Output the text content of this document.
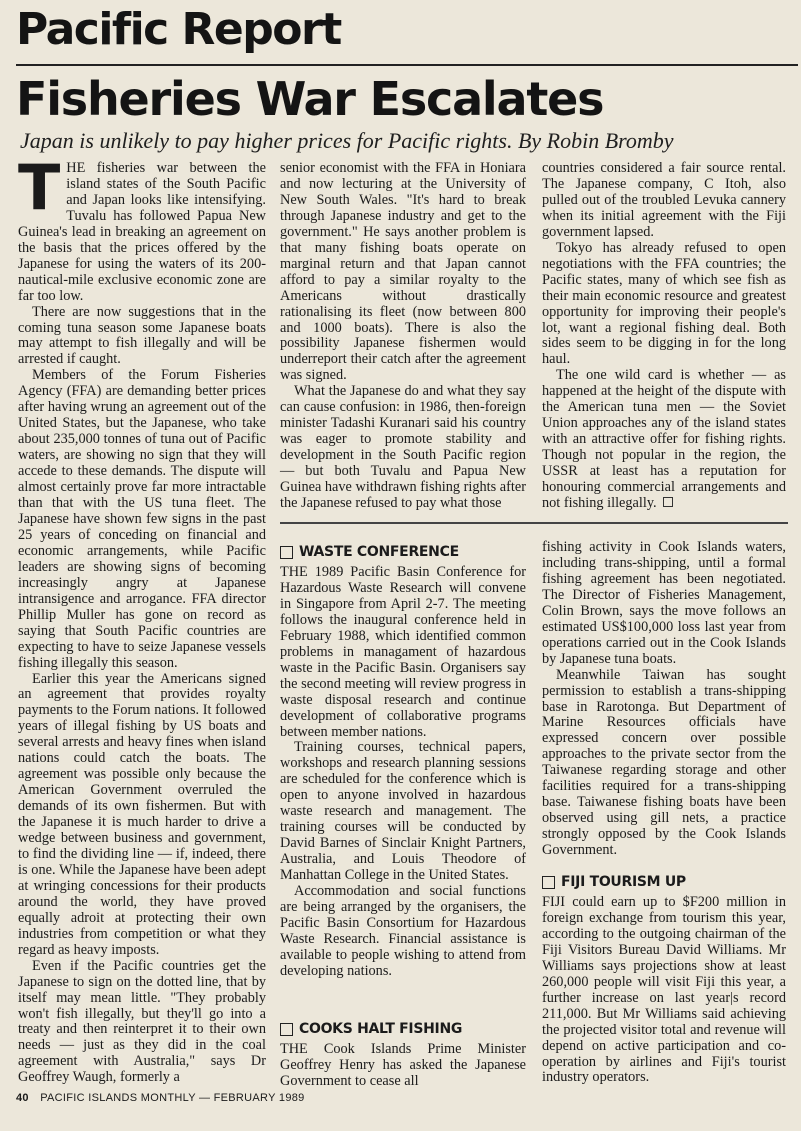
Pacific Report
Fisheries War Escalates

Japan is unlikely to pay higher prices for Pacific rights. By Robin Bromby

THE fisheries war between the island states of the South Pacific and Japan looks like intensifying. Tuvalu has followed Papua New Guinea's lead in breaking an agreement on the basis that the prices offered by the Japanese for using the waters of its 200-nautical-mile exclusive economic zone are far too low.

There are now suggestions that in the coming tuna season some Japanese boats may attempt to fish illegally and will be arrested if caught.

Members of the Forum Fisheries Agency (FFA) are demanding better prices after having wrung an agreement out of the United States, but the Japanese, who take about 235,000 tonnes of tuna out of Pacific waters, are showing no sign that they will accede to these demands. The dispute will almost certainly prove far more intractable than that with the US tuna fleet. The Japanese have shown few signs in the past 25 years of conceding on financial and economic arrangements, while Pacific leaders are showing signs of becoming increasingly angry at Japanese intransigence and arrogance. FFA director Phillip Muller has gone on record as saying that South Pacific countries are expecting to have to seize Japanese vessels fishing illegally this season.

Earlier this year the Americans signed an agreement that provides royalty payments to the Forum nations. It followed years of illegal fishing by US boats and several arrests and heavy fines when island nations could catch the boats. The agreement was possible only because the American Government overruled the demands of its own fishermen. But with the Japanese it is much harder to drive a wedge between business and government, to find the dividing line — if, indeed, there is one. While the Japanese have been adept at wringing concessions for their products around the world, they have proved equally adroit at protecting their own industries from competition or what they regard as heavy imposts.

Even if the Pacific countries get the Japanese to sign on the dotted line, that by itself may mean little. "They probably won't fish illegally, but they'll go into a treaty and then reinterpret it to their own needs — just as they did in the coal agreement with Australia," says Dr Geoffrey Waugh, formerly a

senior economist with the FFA in Honiara and now lecturing at the University of New South Wales. "It's hard to break through Japanese industry and get to the government." He says another problem is that many fishing boats operate on marginal return and that Japan cannot afford to pay a similar royalty to the Americans without drastically rationalising its fleet (now between 800 and 1000 boats). There is also the possibility Japanese fishermen would underreport their catch after the agreement was signed.

What the Japanese do and what they say can cause confusion: in 1986, then-foreign minister Tadashi Kuranari said his country was eager to promote stability and development in the South Pacific region — but both Tuvalu and Papua New Guinea have withdrawn fishing rights after the Japanese refused to pay what those

countries considered a fair source rental. The Japanese company, C Itoh, also pulled out of the troubled Levuka cannery when its initial agreement with the Fiji government lapsed.

Tokyo has already refused to open negotiations with the FFA countries; the Pacific states, many of which see fish as their main economic resource and greatest opportunity for improving their people's lot, want a regional fishing deal. Both sides seem to be digging in for the long haul.

The one wild card is whether — as happened at the height of the dispute with the American tuna men — the Soviet Union approaches any of the island states with an attractive offer for fishing rights. Though not popular in the region, the USSR at least has a reputation for honouring commercial arrangements and not fishing illegally.

WASTE CONFERENCE

THE 1989 Pacific Basin Conference for Hazardous Waste Research will convene in Singapore from April 2-7. The meeting follows the inaugural conference held in February 1988, which identified common problems in managament of hazardous waste in the Pacific Basin. Organisers say the second meeting will review progress in waste disposal research and continue development of collaborative programs between member nations.

Training courses, technical papers, workshops and research planning sessions are scheduled for the conference which is open to anyone involved in hazardous waste research and management. The training courses will be conducted by David Barnes of Sinclair Knight Partners, Australia, and Louis Theodore of Manhattan College in the United States.

Accommodation and social functions are being arranged by the organisers, the Pacific Basin Consortium for Hazardous Waste Research. Financial assistance is available to people wishing to attend from developing nations.

COOKS HALT FISHING

THE Cook Islands Prime Minister Geoffrey Henry has asked the Japanese Government to cease all

fishing activity in Cook Islands waters, including trans-shipping, until a formal fishing agreement has been negotiated. The Director of Fisheries Management, Colin Brown, says the move follows an estimated US$100,000 loss last year from operations carried out in the Cook Islands by Japanese tuna boats.

Meanwhile Taiwan has sought permission to establish a trans-shipping base in Rarotonga. But Department of Marine Resources officials have expressed concern over possible approaches to the private sector from the Taiwanese regarding storage and other facilities required for a trans-shipping base. Taiwanese fishing boats have been observed using gill nets, a practice strongly opposed by the Cook Islands Government.

FIJI TOURISM UP

FIJI could earn up to $F200 million in foreign exchange from tourism this year, according to the outgoing chairman of the Fiji Visitors Bureau David Williams. Mr Williams says projections show at least 260,000 people will visit Fiji this year, a further increase on last year|s record 211,000. But Mr Williams said achieving the projected visitor total and revenue will depend on active participation and co-operation by airlines and Fiji's tourist industry operators.

40 PACIFIC ISLANDS MONTHLY — FEBRUARY 1989
